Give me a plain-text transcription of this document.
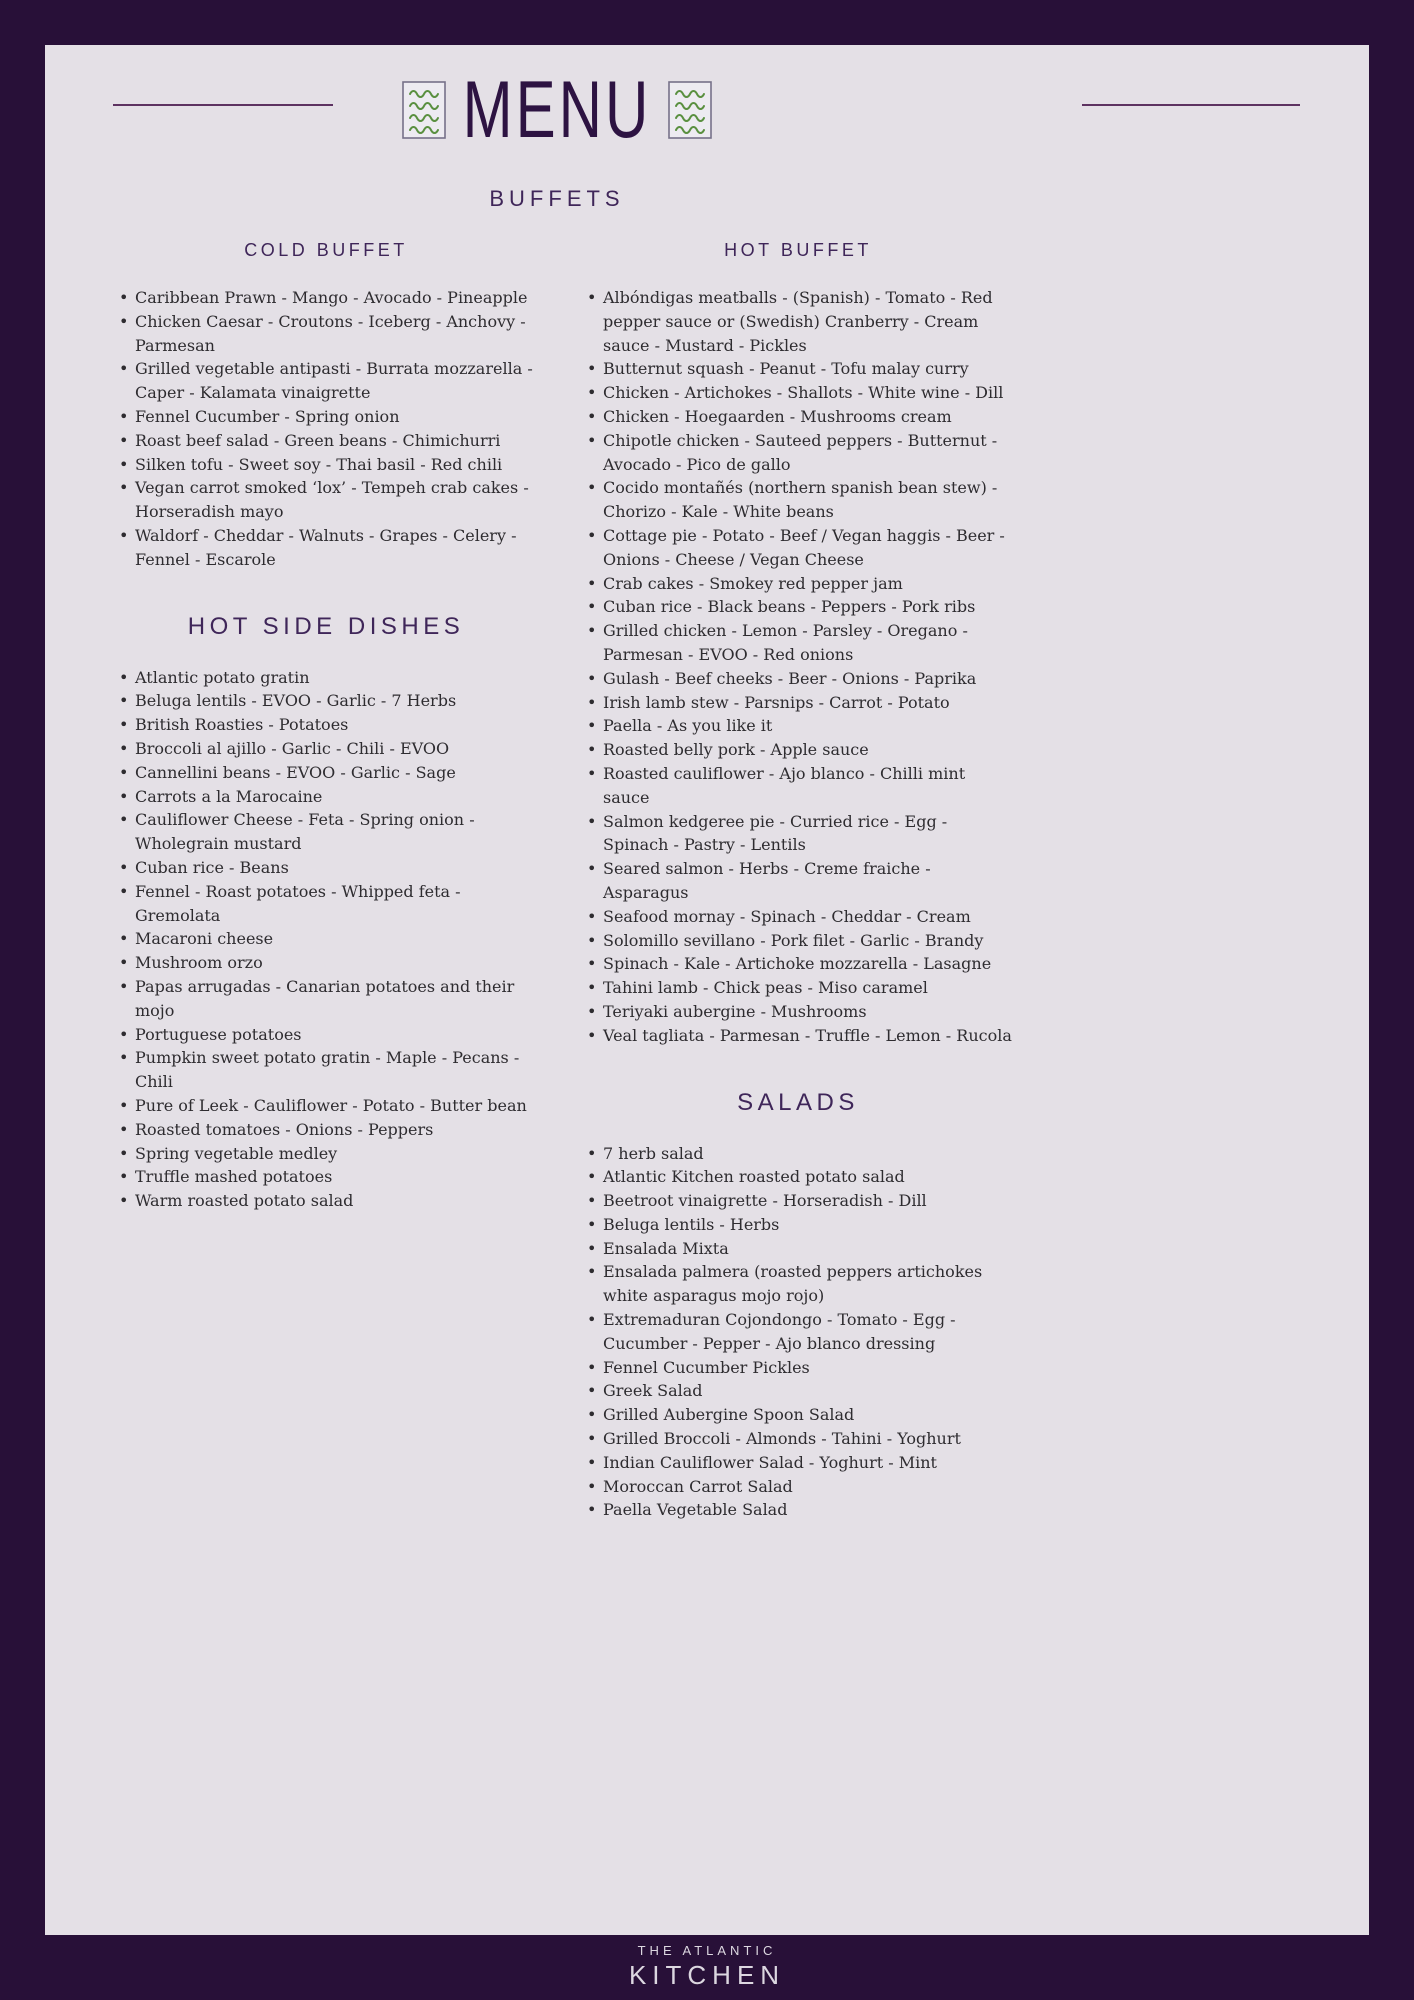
MENU
BUFFETS
COLD BUFFET
• Caribbean Prawn - Mango - Avocado - Pineapple
• Chicken Caesar - Croutons - Iceberg - Anchovy - Parmesan
• Grilled vegetable antipasti - Burrata mozzarella - Caper - Kalamata vinaigrette
• Fennel Cucumber - Spring onion
• Roast beef salad - Green beans - Chimichurri
• Silken tofu - Sweet soy - Thai basil - Red chili
• Vegan carrot smoked ‘lox’ - Tempeh crab cakes - Horseradish mayo
• Waldorf - Cheddar - Walnuts - Grapes - Celery - Fennel - Escarole
HOT SIDE DISHES
• Atlantic potato gratin
• Beluga lentils - EVOO - Garlic - 7 Herbs
• British Roasties - Potatoes
• Broccoli al ajillo - Garlic - Chili - EVOO
• Cannellini beans - EVOO - Garlic - Sage
• Carrots a la Marocaine
• Cauliflower Cheese - Feta - Spring onion - Wholegrain mustard
• Cuban rice - Beans
• Fennel - Roast potatoes - Whipped feta - Gremolata
• Macaroni cheese
• Mushroom orzo
• Papas arrugadas - Canarian potatoes and their mojo
• Portuguese potatoes
• Pumpkin sweet potato gratin - Maple - Pecans - Chili
• Pure of Leek - Cauliflower - Potato - Butter bean
• Roasted tomatoes - Onions - Peppers
• Spring vegetable medley
• Truffle mashed potatoes
• Warm roasted potato salad
HOT BUFFET
• Albóndigas meatballs - (Spanish) - Tomato - Red pepper sauce or (Swedish) Cranberry - Cream sauce - Mustard - Pickles
• Butternut squash - Peanut - Tofu malay curry
• Chicken - Artichokes - Shallots - White wine - Dill
• Chicken - Hoegaarden - Mushrooms cream
• Chipotle chicken - Sauteed peppers - Butternut - Avocado - Pico de gallo
• Cocido montañés (northern spanish bean stew) - Chorizo - Kale - White beans
• Cottage pie - Potato - Beef / Vegan haggis - Beer - Onions - Cheese / Vegan Cheese
• Crab cakes - Smokey red pepper jam
• Cuban rice - Black beans - Peppers - Pork ribs
• Grilled chicken - Lemon - Parsley - Oregano - Parmesan - EVOO - Red onions
• Gulash - Beef cheeks - Beer - Onions - Paprika
• Irish lamb stew - Parsnips - Carrot - Potato
• Paella - As you like it
• Roasted belly pork - Apple sauce
• Roasted cauliflower - Ajo blanco - Chilli mint sauce
• Salmon kedgeree pie - Curried rice - Egg - Spinach - Pastry - Lentils
• Seared salmon - Herbs - Creme fraiche - Asparagus
• Seafood mornay - Spinach - Cheddar - Cream
• Solomillo sevillano - Pork filet - Garlic - Brandy
• Spinach - Kale - Artichoke mozzarella - Lasagne
• Tahini lamb - Chick peas - Miso caramel
• Teriyaki aubergine - Mushrooms
• Veal tagliata - Parmesan - Truffle - Lemon - Rucola
SALADS
• 7 herb salad
• Atlantic Kitchen roasted potato salad
• Beetroot vinaigrette - Horseradish - Dill
• Beluga lentils - Herbs
• Ensalada Mixta
• Ensalada palmera (roasted peppers artichokes white asparagus mojo rojo)
• Extremaduran Cojondongo - Tomato - Egg - Cucumber - Pepper - Ajo blanco dressing
• Fennel Cucumber Pickles
• Greek Salad
• Grilled Aubergine Spoon Salad
• Grilled Broccoli - Almonds - Tahini - Yoghurt
• Indian Cauliflower Salad - Yoghurt - Mint
• Moroccan Carrot Salad
• Paella Vegetable Salad
THE ATLANTIC
KITCHEN
